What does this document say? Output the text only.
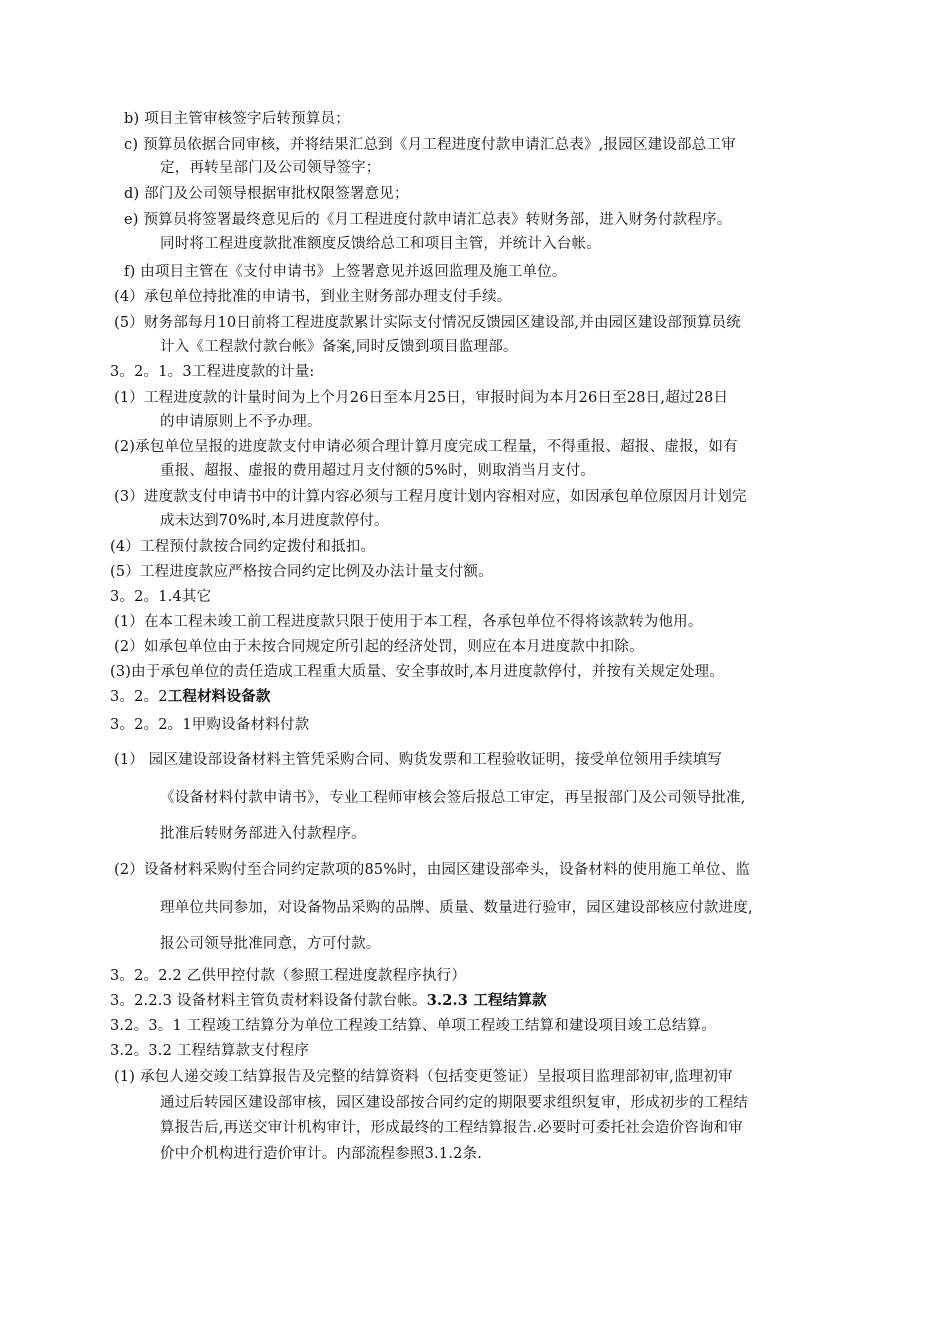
b) 项目主管审核签字后转预算员；
c) 预算员依据合同审核，并将结果汇总到《月工程进度付款申请汇总表》,报园区建设部总工审
定，再转呈部门及公司领导签字；
d) 部门及公司领导根据审批权限签署意见；
e) 预算员将签署最终意见后的《月工程进度付款申请汇总表》转财务部，进入财务付款程序。
同时将工程进度款批准额度反馈给总工和项目主管，并统计入台帐。
f) 由项目主管在《支付申请书》上签署意见并返回监理及施工单位。
(4）承包单位持批准的申请书，到业主财务部办理支付手续。
(5）财务部每月10日前将工程进度款累计实际支付情况反馈园区建设部,并由园区建设部预算员统
计入《工程款付款台帐》备案,同时反馈到项目监理部。
3。2。1。3工程进度款的计量:
(1）工程进度款的计量时间为上个月26日至本月25日，审报时间为本月26日至28日,超过28日
的申请原则上不予办理。
(2)承包单位呈报的进度款支付申请必须合理计算月度完成工程量，不得重报、超报、虚报，如有
重报、超报、虚报的费用超过月支付额的5%时，则取消当月支付。
(3）进度款支付申请书中的计算内容必须与工程月度计划内容相对应，如因承包单位原因月计划完
成未达到70%时,本月进度款停付。
(4）工程预付款按合同约定拨付和抵扣。
(5）工程进度款应严格按合同约定比例及办法计量支付额。
3。2。1.4其它
(1）在本工程未竣工前工程进度款只限于使用于本工程，各承包单位不得将该款转为他用。
(2）如承包单位由于未按合同规定所引起的经济处罚，则应在本月进度款中扣除。
(3)由于承包单位的责任造成工程重大质量、安全事故时,本月进度款停付，并按有关规定处理。
3。2。2工程材料设备款
3。2。2。1甲购设备材料付款
(1） 园区建设部设备材料主管凭采购合同、购货发票和工程验收证明，接受单位领用手续填写
《设备材料付款申请书》，专业工程师审核会签后报总工审定，再呈报部门及公司领导批准,
批准后转财务部进入付款程序。
(2）设备材料采购付至合同约定款项的85%时，由园区建设部牵头，设备材料的使用施工单位、监
理单位共同参加，对设备物品采购的品牌、质量、数量进行验审，园区建设部核应付款进度,
报公司领导批准同意，方可付款。
3。2。2.2 乙供甲控付款（参照工程进度款程序执行）
3。2.2.3 设备材料主管负责材料设备付款台帐。3.2.3 工程结算款
3.2。3。1 工程竣工结算分为单位工程竣工结算、单项工程竣工结算和建设项目竣工总结算。
3.2。3.2 工程结算款支付程序
(1) 承包人递交竣工结算报告及完整的结算资料（包括变更签证）呈报项目监理部初审,监理初审
通过后转园区建设部审核，园区建设部按合同约定的期限要求组织复审，形成初步的工程结
算报告后,再送交审计机构审计，形成最终的工程结算报告.必要时可委托社会造价咨询和审
价中介机构进行造价审计。内部流程参照3.1.2条.
